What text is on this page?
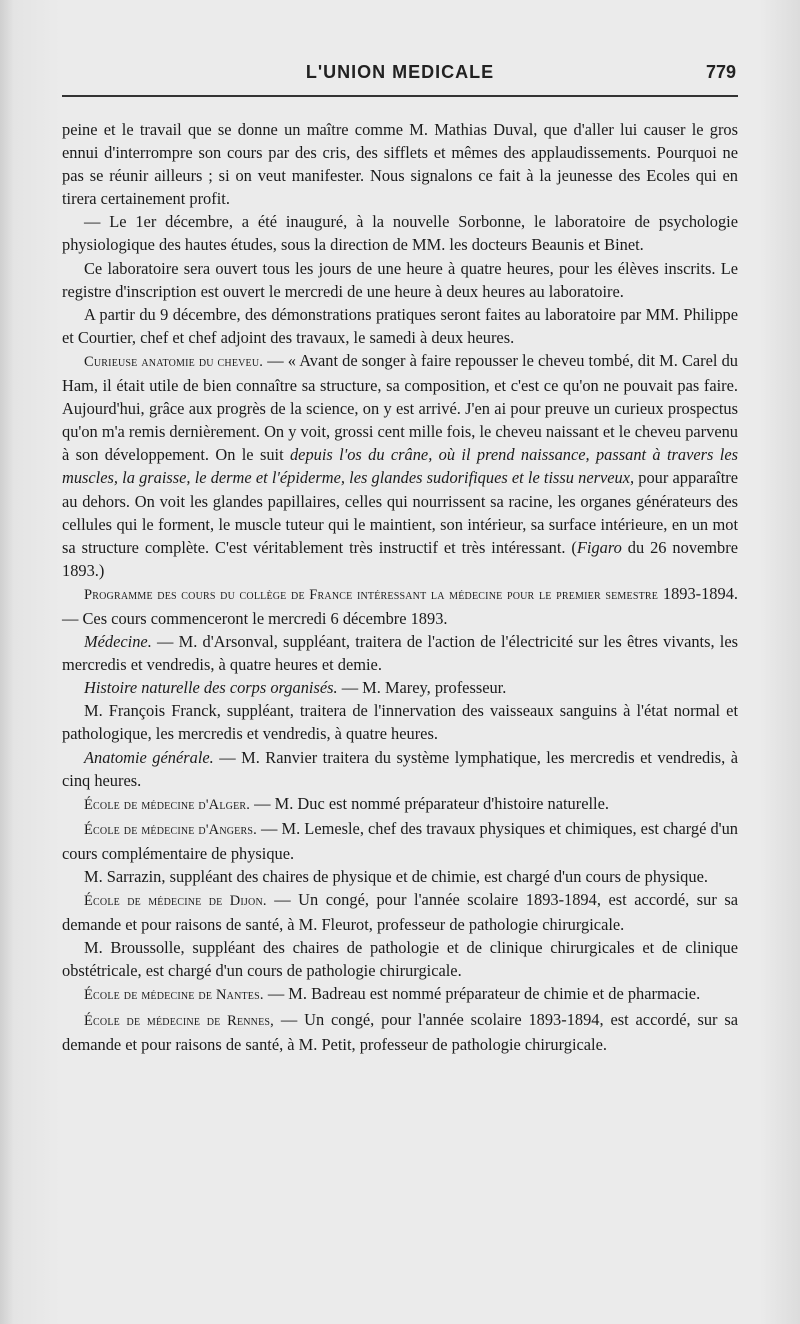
L'UNION MEDICALE	779

peine et le travail que se donne un maître comme M. Mathias Duval, que d'aller lui causer le gros ennui d'interrompre son cours par des cris, des sifflets et mêmes des applaudissements. Pourquoi ne pas se réunir ailleurs ; si on veut manifester. Nous signalons ce fait à la jeunesse des Ecoles qui en tirera certainement profit.

— Le 1er décembre, a été inauguré, à la nouvelle Sorbonne, le laboratoire de psychologie physiologique des hautes études, sous la direction de MM. les docteurs Beaunis et Binet.

Ce laboratoire sera ouvert tous les jours de une heure à quatre heures, pour les élèves inscrits. Le registre d'inscription est ouvert le mercredi de une heure à deux heures au laboratoire.

A partir du 9 décembre, des démonstrations pratiques seront faites au laboratoire par MM. Philippe et Courtier, chef et chef adjoint des travaux, le samedi à deux heures.

Curieuse anatomie du cheveu. — « Avant de songer à faire repousser le cheveu tombé, dit M. Carel du Ham, il était utile de bien connaître sa structure, sa composition, et c'est ce qu'on ne pouvait pas faire. Aujourd'hui, grâce aux progrès de la science, on y est arrivé. J'en ai pour preuve un curieux prospectus qu'on m'a remis dernièrement. On y voit, grossi cent mille fois, le cheveu naissant et le cheveu parvenu à son développement. On le suit depuis l'os du crâne, où il prend naissance, passant à travers les muscles, la graisse, le derme et l'épiderme, les glandes sudorifiques et le tissu nerveux, pour apparaître au dehors. On voit les glandes papillaires, celles qui nourrissent sa racine, les organes générateurs des cellules qui le forment, le muscle tuteur qui le maintient, son intérieur, sa surface intérieure, en un mot sa structure complète. C'est véritablement très instructif et très intéressant. (Figaro du 26 novembre 1893.)

Programme des cours du collège de France intéressant la médecine pour le premier semestre 1893-1894. — Ces cours commenceront le mercredi 6 décembre 1893.

Médecine. — M. d'Arsonval, suppléant, traitera de l'action de l'électricité sur les êtres vivants, les mercredis et vendredis, à quatre heures et demie.

Histoire naturelle des corps organisés. — M. Marey, professeur.

M. François Franck, suppléant, traitera de l'innervation des vaisseaux sanguins à l'état normal et pathologique, les mercredis et vendredis, à quatre heures.

Anatomie générale. — M. Ranvier traitera du système lymphatique, les mercredis et vendredis, à cinq heures.

École de médecine d'Alger. — M. Duc est nommé préparateur d'histoire naturelle.

École de médecine d'Angers. — M. Lemesle, chef des travaux physiques et chimiques, est chargé d'un cours complémentaire de physique.

M. Sarrazin, suppléant des chaires de physique et de chimie, est chargé d'un cours de physique.

École de médecine de Dijon. — Un congé, pour l'année scolaire 1893-1894, est accordé, sur sa demande et pour raisons de santé, à M. Fleurot, professeur de pathologie chirurgicale.

M. Broussolle, suppléant des chaires de pathologie et de clinique chirurgicales et de clinique obstétricale, est chargé d'un cours de pathologie chirurgicale.

École de médecine de Nantes. — M. Badreau est nommé préparateur de chimie et de pharmacie.

École de médecine de Rennes, — Un congé, pour l'année scolaire 1893-1894, est accordé, sur sa demande et pour raisons de santé, à M. Petit, professeur de pathologie chirurgicale.
